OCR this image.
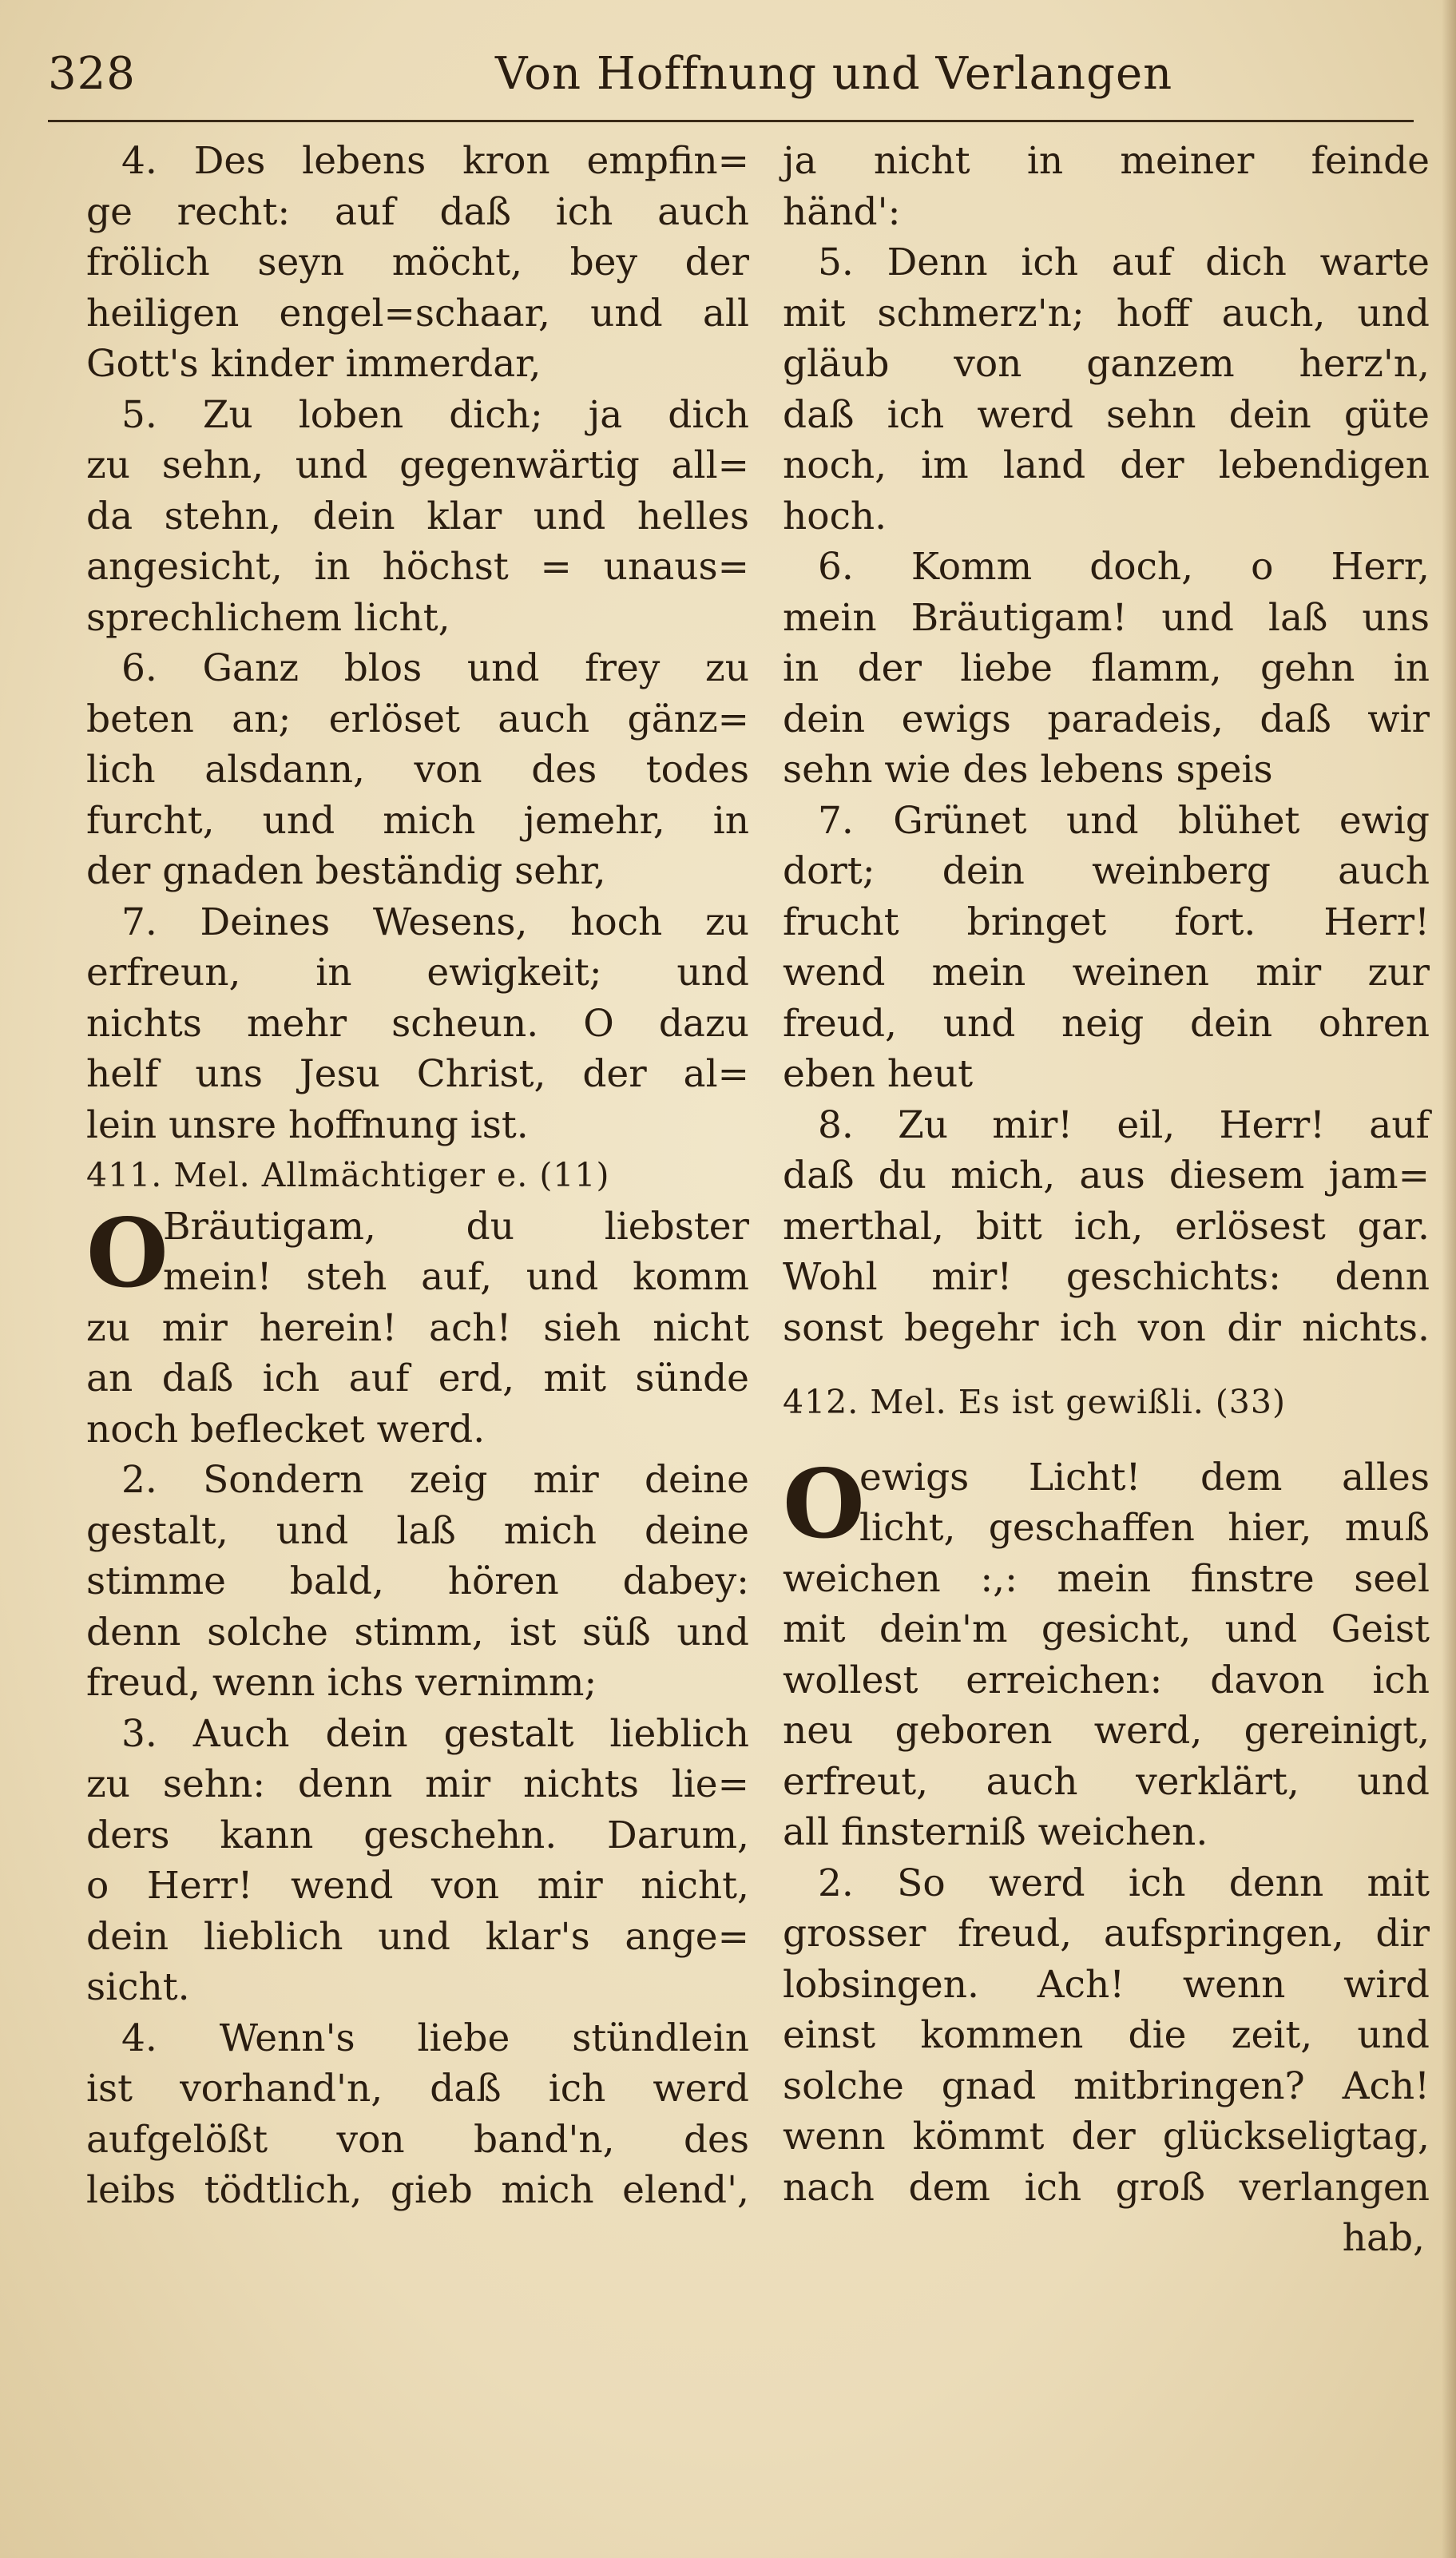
328	Von Hoffnung und Verlangen
4. Des lebens kron empfin=
ge recht: auf daß ich auch
frölich seyn möcht, bey der
heiligen engel=schaar, und all
Gott's kinder immerdar,
5. Zu loben dich; ja dich
zu sehn, und gegenwärtig all=
da stehn, dein klar und helles
angesicht, in höchst = unaus=
sprechlichem licht,
6. Ganz blos und frey zu
beten an; erlöset auch gänz=
lich alsdann, von des todes
furcht, und mich jemehr, in
der gnaden beständig sehr,
7. Deines Wesens, hoch zu
erfreun, in ewigkeit; und
nichts mehr scheun. O dazu
helf uns Jesu Christ, der al=
lein unsre hoffnung ist.
411. Mel. Allmächtiger e. (11)
O
Bräutigam, du liebster
mein! steh auf, und komm
zu mir herein! ach! sieh nicht
an daß ich auf erd, mit sünde
noch beflecket werd.
2. Sondern zeig mir deine
gestalt, und laß mich deine
stimme bald, hören dabey:
denn solche stimm, ist süß und
freud, wenn ichs vernimm;
3. Auch dein gestalt lieblich
zu sehn: denn mir nichts lie=
ders kann geschehn. Darum,
o Herr! wend von mir nicht,
dein lieblich und klar's ange=
sicht.
4. Wenn's liebe stündlein
ist vorhand'n, daß ich werd
aufgelößt von band'n, des
leibs tödtlich, gieb mich elend',
ja nicht in meiner feinde
händ':
5. Denn ich auf dich warte
mit schmerz'n; hoff auch, und
gläub von ganzem herz'n,
daß ich werd sehn dein güte
noch, im land der lebendigen
hoch.
6. Komm doch, o Herr,
mein Bräutigam! und laß uns
in der liebe flamm, gehn in
dein ewigs paradeis, daß wir
sehn wie des lebens speis
7. Grünet und blühet ewig
dort; dein weinberg auch
frucht bringet fort. Herr!
wend mein weinen mir zur
freud, und neig dein ohren
eben heut
8. Zu mir! eil, Herr! auf
daß du mich, aus diesem jam=
merthal, bitt ich, erlösest gar.
Wohl mir! geschichts: denn
sonst begehr ich von dir nichts.
412. Mel. Es ist gewißli. (33)
O
ewigs Licht! dem alles
licht, geschaffen hier, muß
weichen :,: mein finstre seel
mit dein'm gesicht, und Geist
wollest erreichen: davon ich
neu geboren werd, gereinigt,
erfreut, auch verklärt, und
all finsterniß weichen.
2. So werd ich denn mit
grosser freud, aufspringen, dir
lobsingen. Ach! wenn wird
einst kommen die zeit, und
solche gnad mitbringen? Ach!
wenn kömmt der glückseligtag,
nach dem ich groß verlangen
hab,
